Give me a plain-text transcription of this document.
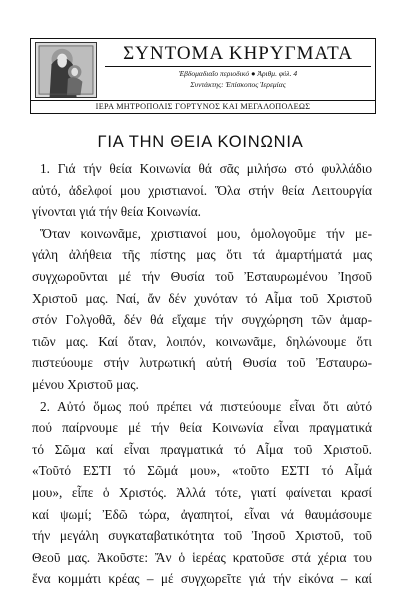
ΣΥΝΤΟΜΑ ΚΗΡΥΓΜΑΤΑ
Ἑβδομαδιαῖο περιοδικό ● Ἀριθμ. φύλ. 4
Συντάκτης: Ἐπίσκοπος Ἱερεμίας
ΙΕΡΑ ΜΗΤΡΟΠΟΛΙΣ ΓΟΡΤΥΝΟΣ ΚΑΙ ΜΕΓΑΛΟΠΟΛΕΩΣ
ΓΙΑ ΤΗΝ ΘΕΙΑ ΚΟΙΝΩΝΙΑ
1. Γιά τήν θεία Κοινωνία θά σᾶς μιλήσω στό φυλλάδιο
αὐτό, ἀδελφοί μου χριστιανοί. Ὅλα στήν θεία Λειτουργία
γίνονται γιά τήν θεία Κοινωνία.
Ὅταν κοινωνᾶμε, χριστιανοί μου, ὁμολογοῦμε τήν με-
γάλη ἀλήθεια τῆς πίστης μας ὅτι τά ἁμαρτήματά μας
συγχωροῦνται μέ τήν Θυσία τοῦ Ἐσταυρωμένου Ἰησοῦ
Χριστοῦ μας. Ναί, ἄν δέν χυνόταν τό Αἷμα τοῦ Χριστοῦ
στόν Γολγοθᾶ, δέν θά εἴχαμε τήν συγχώρηση τῶν ἁμαρ-
τιῶν μας. Καί ὅταν, λοιπόν, κοινωνᾶμε, δηλώνουμε ὅτι
πιστεύουμε στήν λυτρωτική αὐτή Θυσία τοῦ Ἐσταυρω-
μένου Χριστοῦ μας.
2. Αὐτό ὅμως πού πρέπει νά πιστεύουμε εἶναι ὅτι αὐτό
πού παίρνουμε μέ τήν θεία Κοινωνία εἶναι πραγματικά
τό Σῶμα καί εἶναι πραγματικά τό Αἷμα τοῦ Χριστοῦ.
«Τοῦτό ΕΣΤΙ τό Σῶμά μου», «τοῦτο ΕΣΤΙ τό Αἷμά
μου», εἶπε ὁ Χριστός. Ἀλλά τότε, γιατί φαίνεται κρασί
καί ψωμί; Ἐδῶ τώρα, ἀγαπητοί, εἶναι νά θαυμάσουμε
τήν μεγάλη συγκαταβατικότητα τοῦ Ἰησοῦ Χριστοῦ, τοῦ
Θεοῦ μας. Ἀκοῦστε: Ἄν ὁ ἱερέας κρατοῦσε στά χέρια του
ἕνα κομμάτι κρέας – μέ συγχωρεῖτε γιά τήν εἰκόνα – καί
